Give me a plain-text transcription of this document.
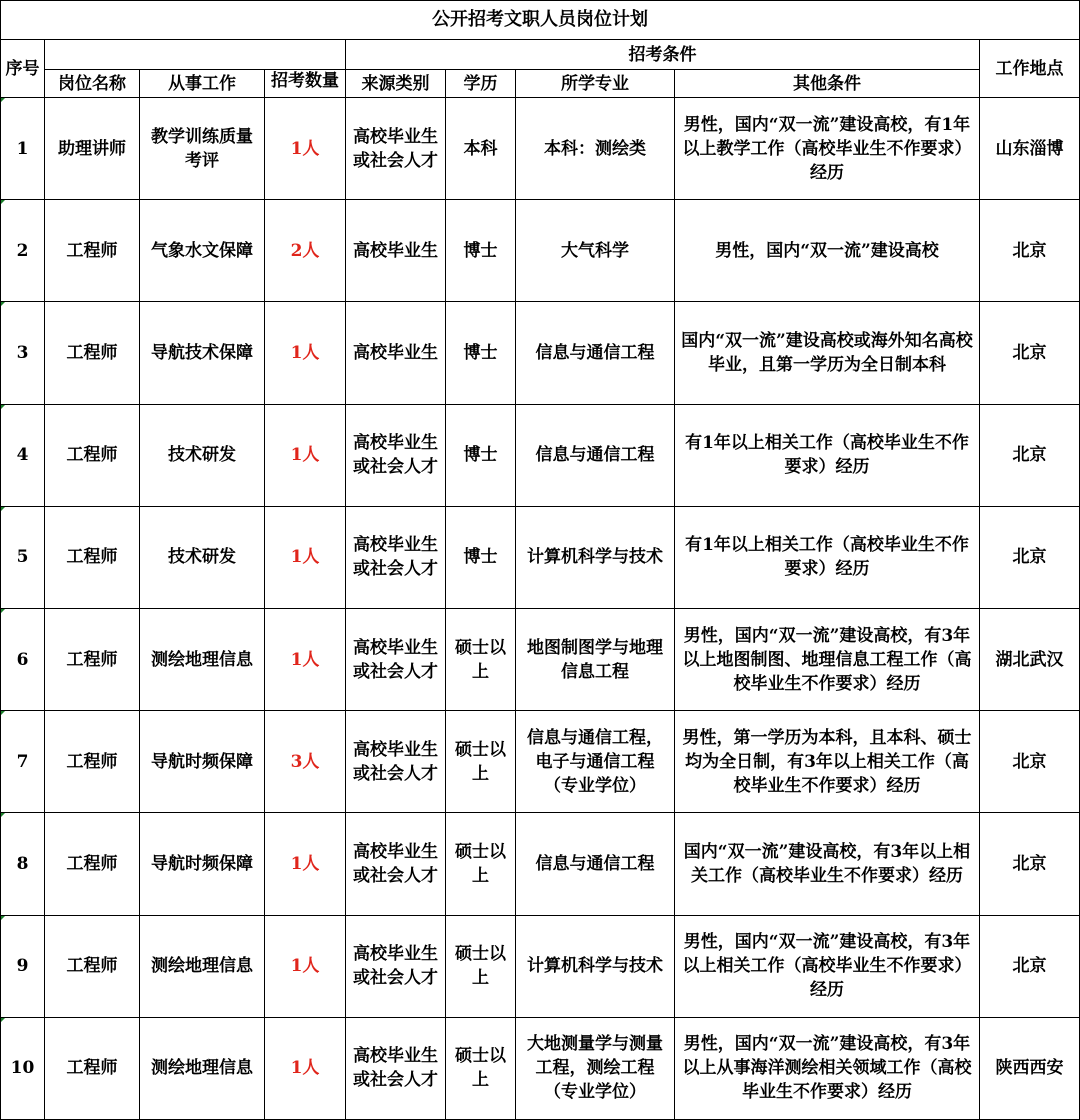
公开招考文职人员岗位计划								
序号				招考条件				工作地点
	岗位名称	从事工作	招考数量	来源类别	学历	所学专业	其他条件	
1	助理讲师	教学训练质量考评	1人	高校毕业生或社会人才	本科	本科：测绘类	男性，国内“双一流”建设高校，有1年以上教学工作（高校毕业生不作要求）经历	山东淄博
2	工程师	气象水文保障	2人	高校毕业生	博士	大气科学	男性，国内“双一流”建设高校	北京
3	工程师	导航技术保障	1人	高校毕业生	博士	信息与通信工程	国内“双一流”建设高校或海外知名高校毕业，且第一学历为全日制本科	北京
4	工程师	技术研发	1人	高校毕业生或社会人才	博士	信息与通信工程	有1年以上相关工作（高校毕业生不作要求）经历	北京
5	工程师	技术研发	1人	高校毕业生或社会人才	博士	计算机科学与技术	有1年以上相关工作（高校毕业生不作要求）经历	北京
6	工程师	测绘地理信息	1人	高校毕业生或社会人才	硕士以上	地图制图学与地理信息工程	男性，国内“双一流”建设高校，有3年以上地图制图、地理信息工程工作（高校毕业生不作要求）经历	湖北武汉
7	工程师	导航时频保障	3人	高校毕业生或社会人才	硕士以上	信息与通信工程，电子与通信工程（专业学位）	男性，第一学历为本科，且本科、硕士均为全日制，有3年以上相关工作（高校毕业生不作要求）经历	北京
8	工程师	导航时频保障	1人	高校毕业生或社会人才	硕士以上	信息与通信工程	国内“双一流”建设高校，有3年以上相关工作（高校毕业生不作要求）经历	北京
9	工程师	测绘地理信息	1人	高校毕业生或社会人才	硕士以上	计算机科学与技术	男性，国内“双一流”建设高校，有3年以上相关工作（高校毕业生不作要求）经历	北京
10	工程师	测绘地理信息	1人	高校毕业生或社会人才	硕士以上	大地测量学与测量工程，测绘工程（专业学位）	男性，国内“双一流”建设高校，有3年以上从事海洋测绘相关领域工作（高校毕业生不作要求）经历	陕西西安
